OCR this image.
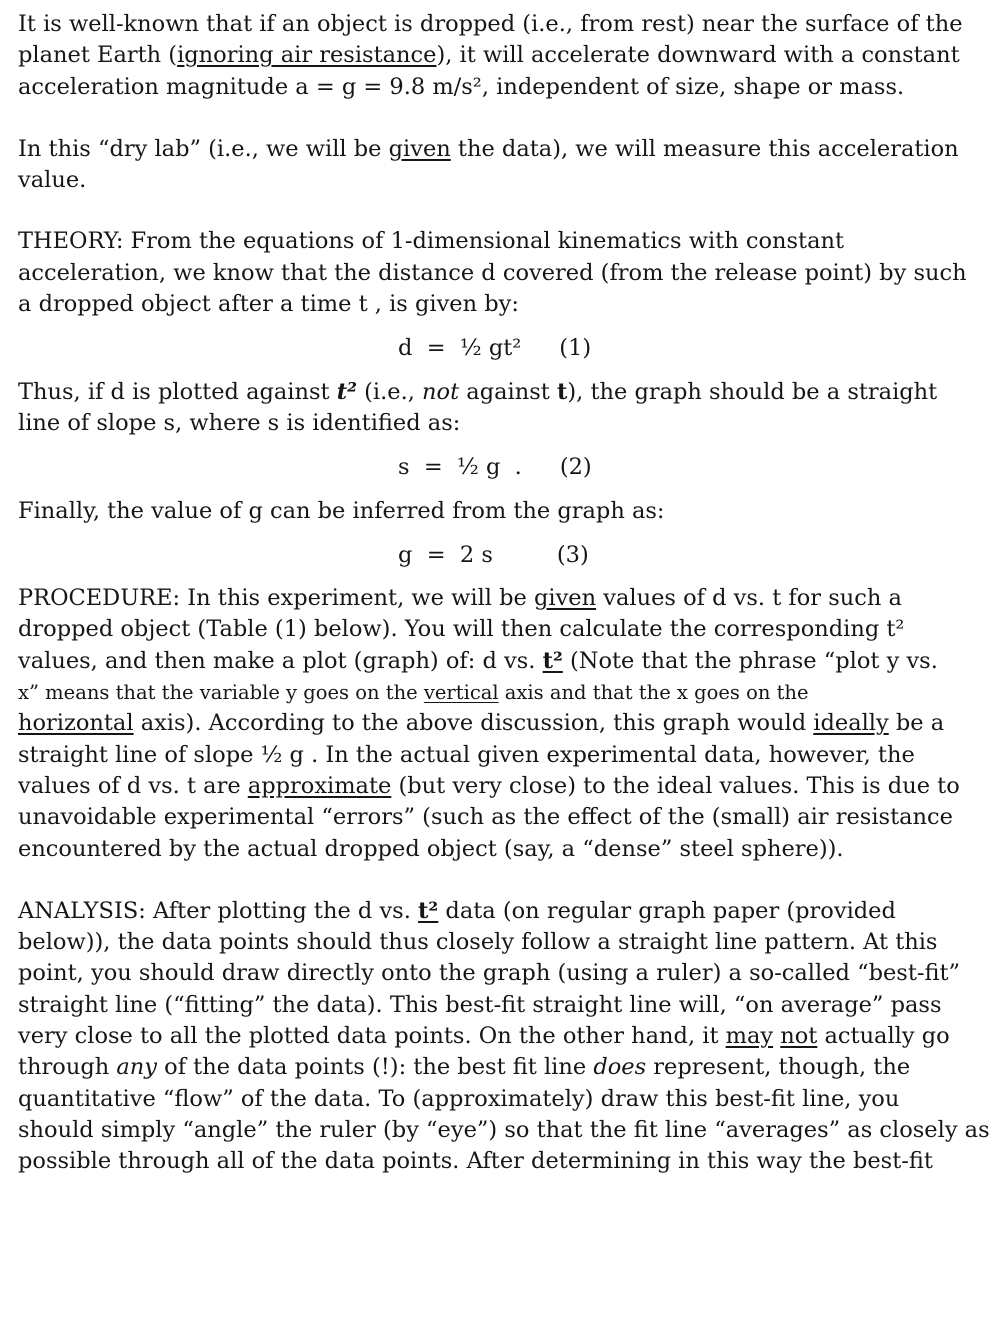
It is well-known that if an object is dropped (i.e., from rest) near the surface of the

planet Earth (ignoring air resistance), it will accelerate downward with a constant

acceleration magnitude a = g = 9.8 m/s², independent of size, shape or mass.

In this “dry lab” (i.e., we will be given the data), we will measure this acceleration

value.

THEORY: From the equations of 1-dimensional kinematics with constant

acceleration, we know that the distance d covered (from the release point) by such

a dropped object after a time t , is given by:

d  =  ½ gt² (1)

Thus, if d is plotted against t² (i.e., not against t), the graph should be a straight

line of slope s, where s is identified as:

s  =  ½ g  . (2)

Finally, the value of g can be inferred from the graph as:

g  =  2 s	(3)

PROCEDURE: In this experiment, we will be given values of d vs. t for such a

dropped object (Table (1) below). You will then calculate the corresponding t²

values, and then make a plot (graph) of: d vs. t² (Note that the phrase “plot y vs.

x” means that the variable y goes on the vertical axis and that the x goes on the

horizontal axis). According to the above discussion, this graph would ideally be a

straight line of slope ½ g . In the actual given experimental data, however, the

values of d vs. t are approximate (but very close) to the ideal values. This is due to

unavoidable experimental “errors” (such as the effect of the (small) air resistance

encountered by the actual dropped object (say, a “dense” steel sphere)).

ANALYSIS: After plotting the d vs. t² data (on regular graph paper (provided

below)), the data points should thus closely follow a straight line pattern. At this

point, you should draw directly onto the graph (using a ruler) a so-called “best-fit”

straight line (“fitting” the data). This best-fit straight line will, “on average” pass

very close to all the plotted data points. On the other hand, it may not actually go

through any of the data points (!): the best fit line does represent, though, the

quantitative “flow” of the data. To (approximately) draw this best-fit line, you

should simply “angle” the ruler (by “eye”) so that the fit line “averages” as closely as

possible through all of the data points. After determining in this way the best-fit
